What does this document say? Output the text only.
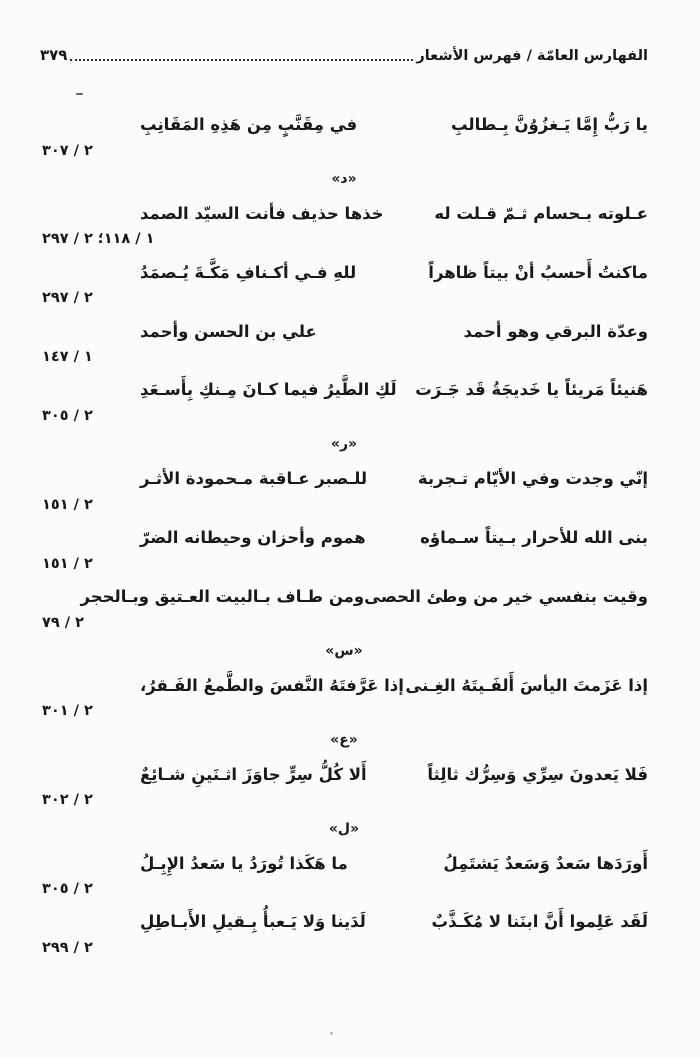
الفهارس العامّة / فهرس الأشعار
٣٧٩
يا رَبُّ إِمَّا يَـغزُوُنَّ بِـطالبِ
في مِقَنَّبٍ مِن هَذِهِ المَقَانِبِ
٢ / ٣٠٧
«د»
عـلوته بـحسام ثـمّ قـلت له
خذها حذيف فأنت السيّد الصمد
١ / ١١٨؛ ٢ / ٢٩٧
ماكنتُ أَحسبُ أنْ بيتاً ظاهراً
للهِ فـي أكـنافِ مَكَّـةَ يُـصمَدُ
٢ / ٢٩٧
وعدّة البرقي وهو أحمد
علي بن الحسن وأحمد
١ / ١٤٧
هَنيئاً مَريئاً يا خَديجَةُ قَد جَـرَت
لَكِ الطَّيرُ فيما كـانَ مِـنكِ بِأَسـعَدِ
٢ / ٣٠٥
«ر»
إنّي وجدت وفي الأيّام تـجربة
للـصبر عـاقبة مـحمودة الأثـر
٢ / ١٥١
بنى الله للأحرار بـيتاً سـماؤه
هموم وأحزان وحيطانه الضرّ
٢ / ١٥١
وقيت بنفسي خير من وطئ الحصى
ومن طـاف بـالبيت العـتيق وبـالحجر
٢ / ٧٩
«س»
إذا عَزَمتَ اليأسَ أَلفَـيتَهُ الغِـنى
إذا عَرَّفتَهُ النَّفسَ والطَّمعُ الفَـقرُ،
٢ / ٣٠١
«ع»
فَلا يَعدونَ سِرِّي وَسِرُّك ثالِثاً
أَلا كُلُّ سِرٍّ جاوَزَ اثـنَينِ شـائِعٌ
٢ / ٣٠٢
«ل»
أَورَدَها سَعدٌ وَسَعدٌ يَشتَمِلُ
ما هَكَذا تُورَدُ يا سَعدُ الإِبِـلُ
٢ / ٣٠٥
لَقَد عَلِموا أَنَّ ابنَنا لا مُكَـذَّبٌ
لَدَينا وَلا يَـعبأُ بِـقيلِ الأَبـاطِلِ
٢ / ٢٩٩
